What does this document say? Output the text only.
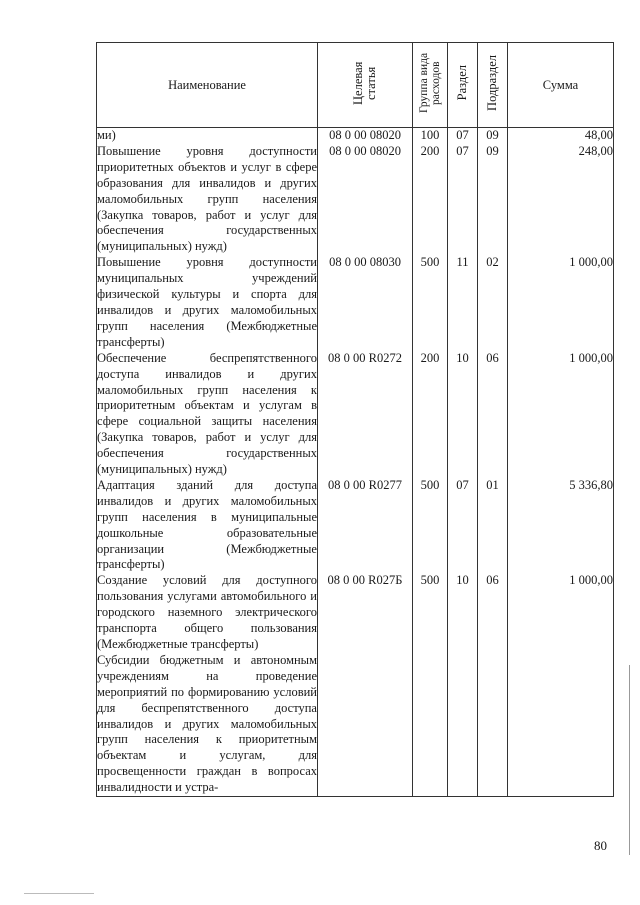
Наименование	Целевая статья	Группа вида расходов	Раздел	Подраздел	Сумма
ми)	08 0 00 08020	100	07	09	48,00
Повышение уровня доступности приоритетных объектов и услуг в сфере образования для инвалидов и других маломобильных групп населения (Закупка товаров, работ и услуг для обеспечения государственных (муниципальных) нужд)	08 0 00 08020	200	07	09	248,00
Повышение уровня доступности муниципальных учреждений физической культуры и спорта для инвалидов и других маломобильных групп населения (Межбюджетные трансферты)	08 0 00 08030	500	11	02	1 000,00
Обеспечение беспрепятственного доступа инвалидов и других маломобильных групп населения к приоритетным объектам и услугам в сфере социальной защиты населения (Закупка товаров, работ и услуг для обеспечения государственных (муниципальных) нужд)	08 0 00 R0272	200	10	06	1 000,00
Адаптация зданий для доступа инвалидов и других маломобильных групп населения в муниципальные дошкольные образовательные организации (Межбюджетные трансферты)	08 0 00 R0277	500	07	01	5 336,80
Создание условий для доступного пользования услугами автомобильного и городского наземного электрического транспорта общего пользования (Межбюджетные трансферты)	08 0 00 R027Б	500	10	06	1 000,00
Субсидии бюджетным и автономным учреждениям на проведение мероприятий по формированию условий для беспрепятственного доступа инвалидов и других маломобильных групп населения к приоритетным объектам и услугам, для просвещенности граждан в вопросах инвалидности и устра-					
80
